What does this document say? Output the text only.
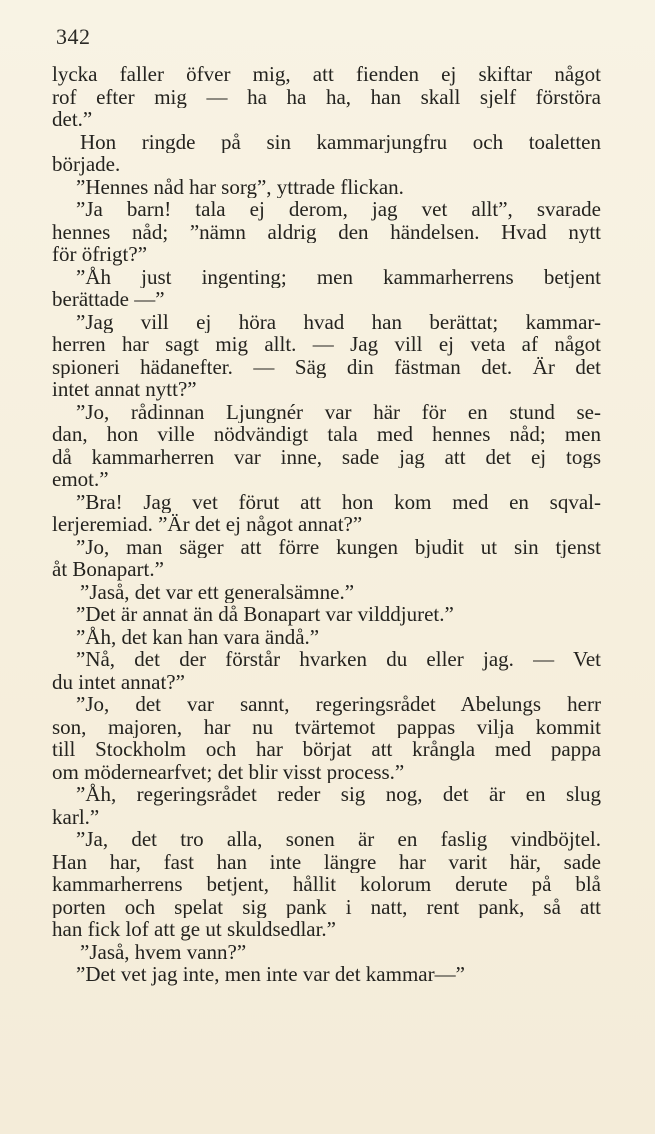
342
lycka faller öfver mig, att fienden ej skiftar något
rof efter mig — ha ha ha, han skall sjelf förstöra
det.”
Hon ringde på sin kammarjungfru och toaletten
började.
”Hennes nåd har sorg”, yttrade flickan.
”Ja barn! tala ej derom, jag vet allt”, svarade
hennes nåd; ”nämn aldrig den händelsen. Hvad nytt
för öfrigt?”
”Åh just ingenting; men kammarherrens betjent
berättade —”
”Jag vill ej höra hvad han berättat; kammar-
herren har sagt mig allt. — Jag vill ej veta af något
spioneri hädanefter. — Säg din fästman det. Är det
intet annat nytt?”
”Jo, rådinnan Ljungnér var här för en stund se-
dan, hon ville nödvändigt tala med hennes nåd; men
då kammarherren var inne, sade jag att det ej togs
emot.”
”Bra! Jag vet förut att hon kom med en sqval-
lerjeremiad. ”Är det ej något annat?”
”Jo, man säger att förre kungen bjudit ut sin tjenst
åt Bonapart.”
”Jaså, det var ett generalsämne.”
”Det är annat än då Bonapart var vilddjuret.”
”Åh, det kan han vara ändå.”
”Nå, det der förstår hvarken du eller jag. — Vet
du intet annat?”
”Jo, det var sannt, regeringsrådet Abelungs herr
son, majoren, har nu tvärtemot pappas vilja kommit
till Stockholm och har börjat att krångla med pappa
om mödernearfvet; det blir visst process.”
”Åh, regeringsrådet reder sig nog, det är en slug
karl.”
”Ja, det tro alla, sonen är en faslig vindböjtel.
Han har, fast han inte längre har varit här, sade
kammarherrens betjent, hållit kolorum derute på blå
porten och spelat sig pank i natt, rent pank, så att
han fick lof att ge ut skuldsedlar.”
”Jaså, hvem vann?”
”Det vet jag inte, men inte var det kammar—”
